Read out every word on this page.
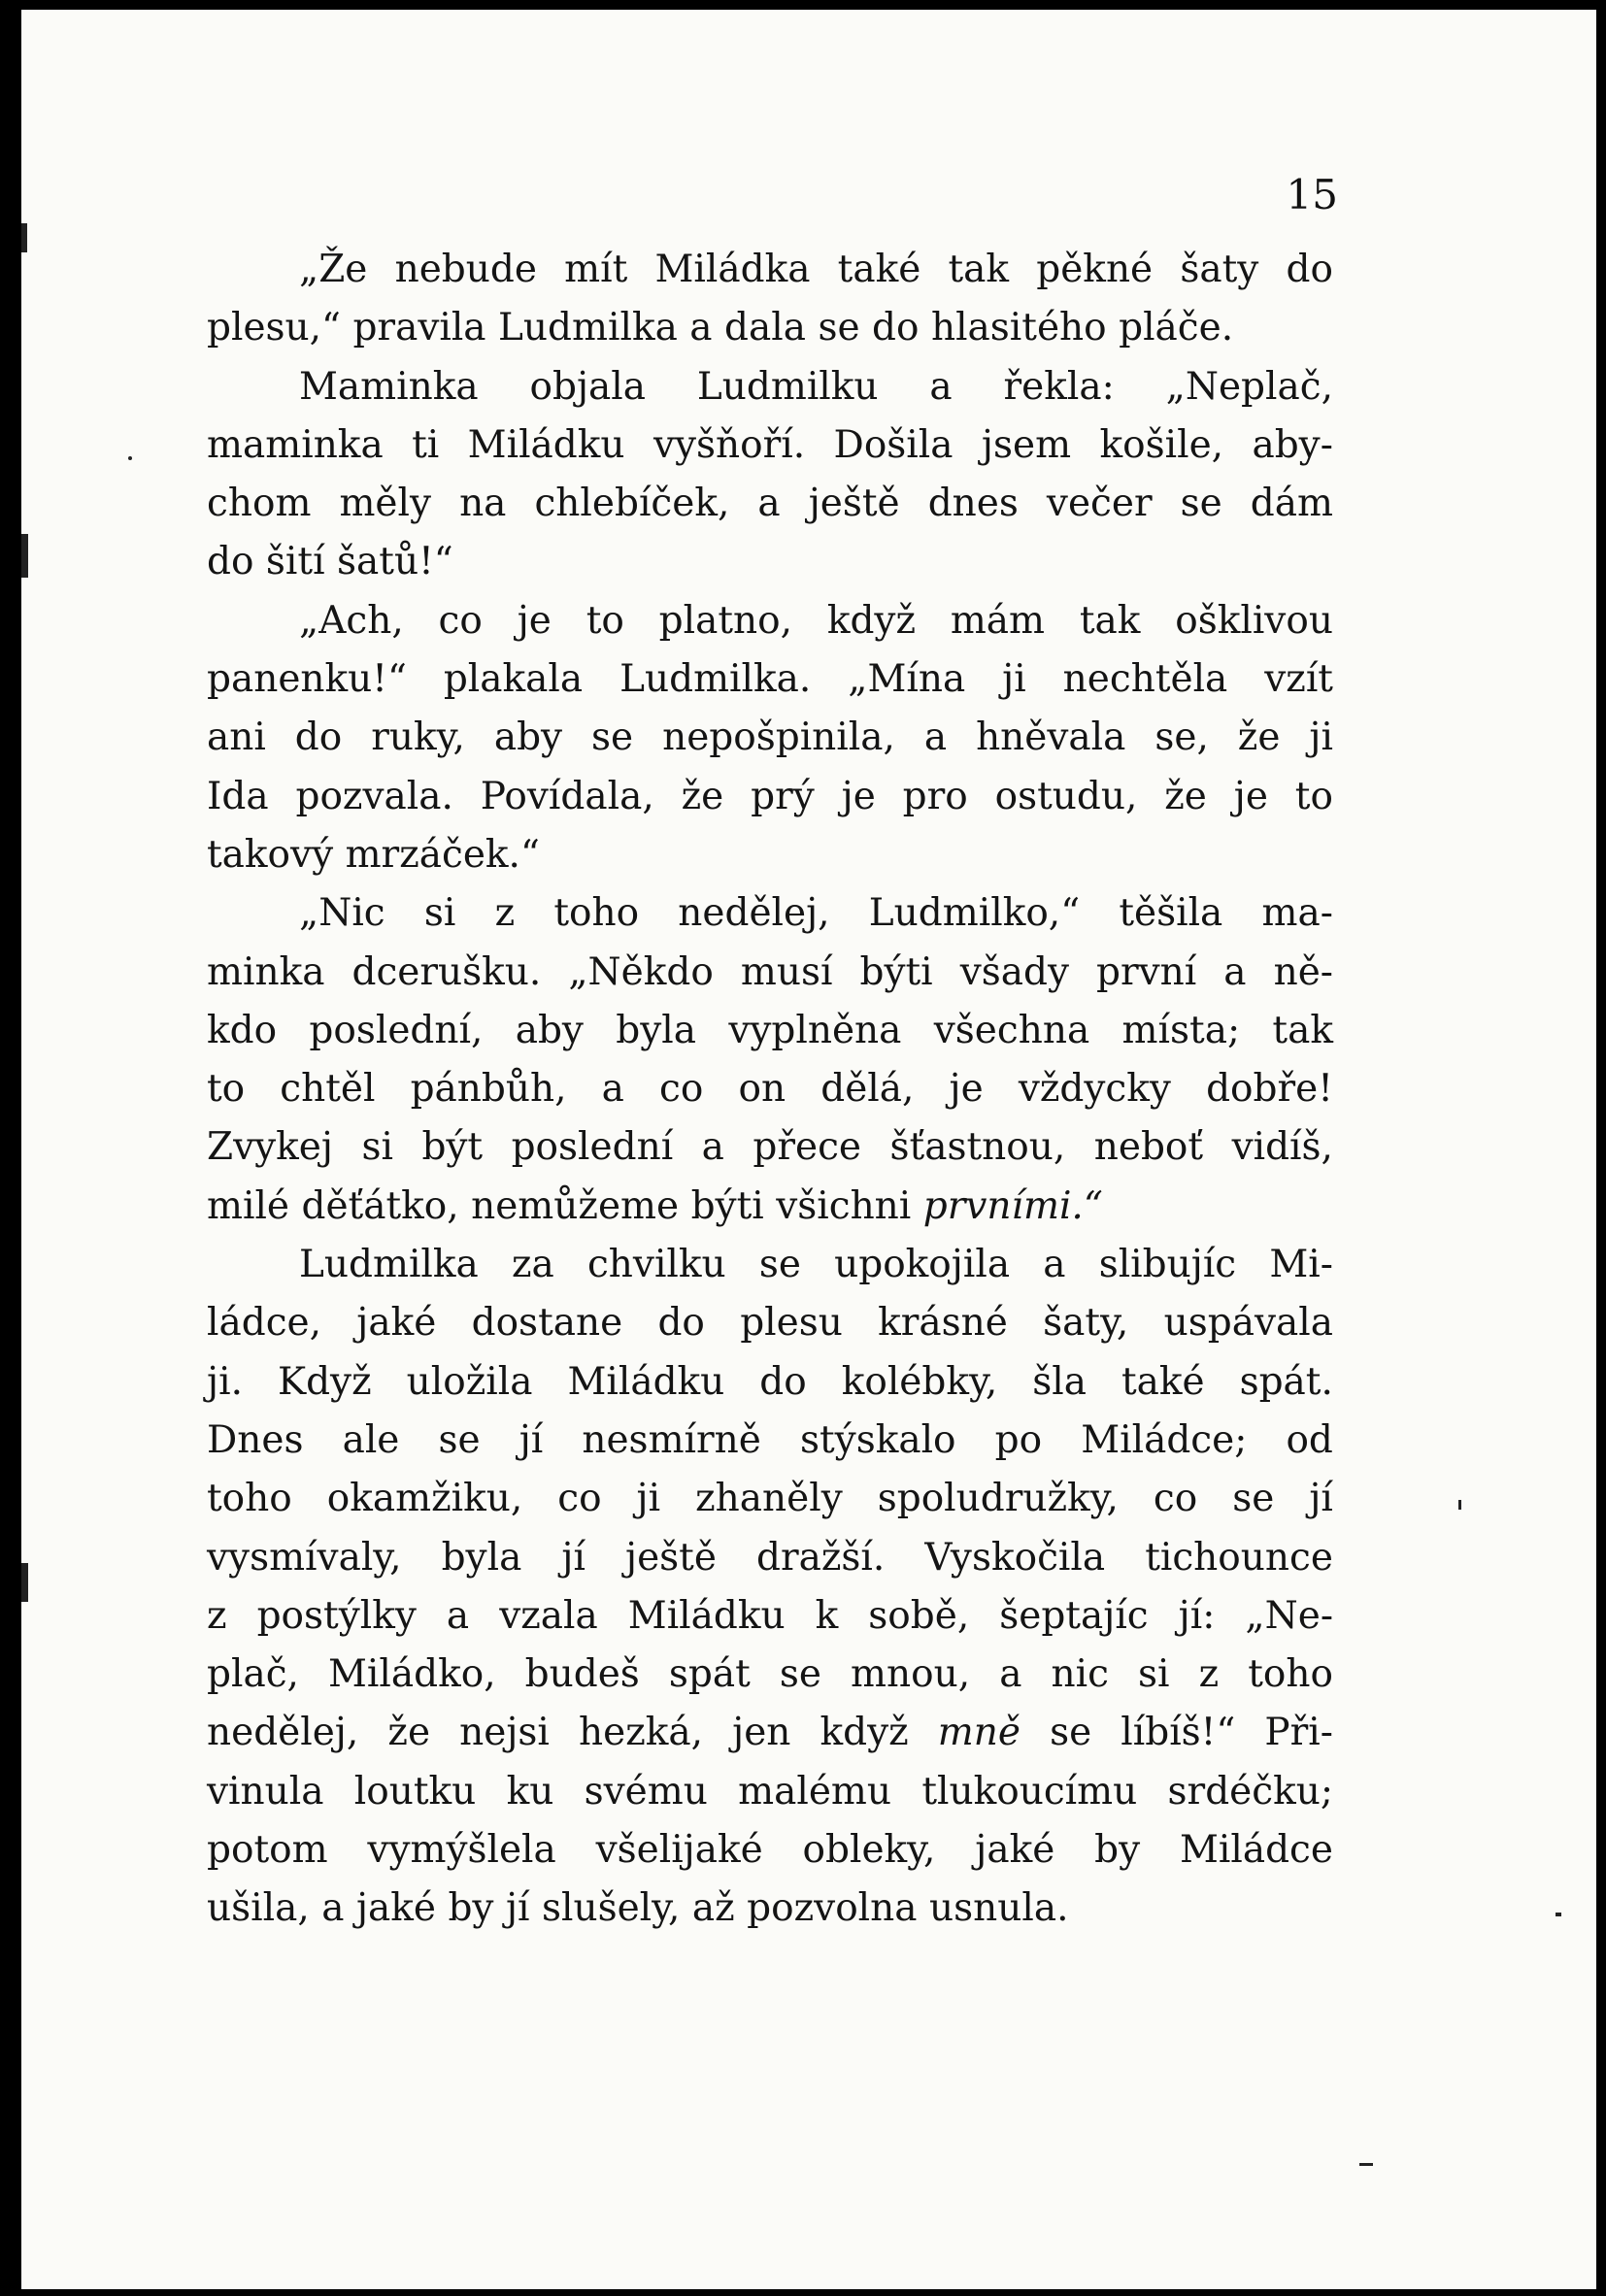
15
„Že nebude mít Miládka také tak pěkné šaty do
plesu,“ pravila Ludmilka a dala se do hlasitého pláče.
Maminka objala Ludmilku a řekla: „Neplač,
maminka ti Miládku vyšňoří. Došila jsem košile, aby-
chom měly na chlebíček, a ještě dnes večer se dám
do šití šatů!“
„Ach, co je to platno, když mám tak ošklivou
panenku!“ plakala Ludmilka. „Mína ji nechtěla vzít
ani do ruky, aby se nepošpinila, a hněvala se, že ji
Ida pozvala. Povídala, že prý je pro ostudu, že je to
takový mrzáček.“
„Nic si z toho nedělej, Ludmilko,“ těšila ma-
minka dcerušku. „Někdo musí býti všady první a ně-
kdo poslední, aby byla vyplněna všechna místa; tak
to chtěl pánbůh, a co on dělá, je vždycky dobře!
Zvykej si být poslední a přece šťastnou, neboť vidíš,
milé děťátko, nemůžeme býti všichni prvními.“
Ludmilka za chvilku se upokojila a slibujíc Mi-
ládce, jaké dostane do plesu krásné šaty, uspávala
ji. Když uložila Miládku do kolébky, šla také spát.
Dnes ale se jí nesmírně stýskalo po Miládce; od
toho okamžiku, co ji zhaněly spoludružky, co se jí
vysmívaly, byla jí ještě dražší. Vyskočila tichounce
z postýlky a vzala Miládku k sobě, šeptajíc jí: „Ne-
plač, Miládko, budeš spát se mnou, a nic si z toho
nedělej, že nejsi hezká, jen když mně se líbíš!“ Při-
vinula loutku ku svému malému tlukoucímu srdéčku;
potom vymýšlela všelijaké obleky, jaké by Miládce
ušila, a jaké by jí slušely, až pozvolna usnula.
